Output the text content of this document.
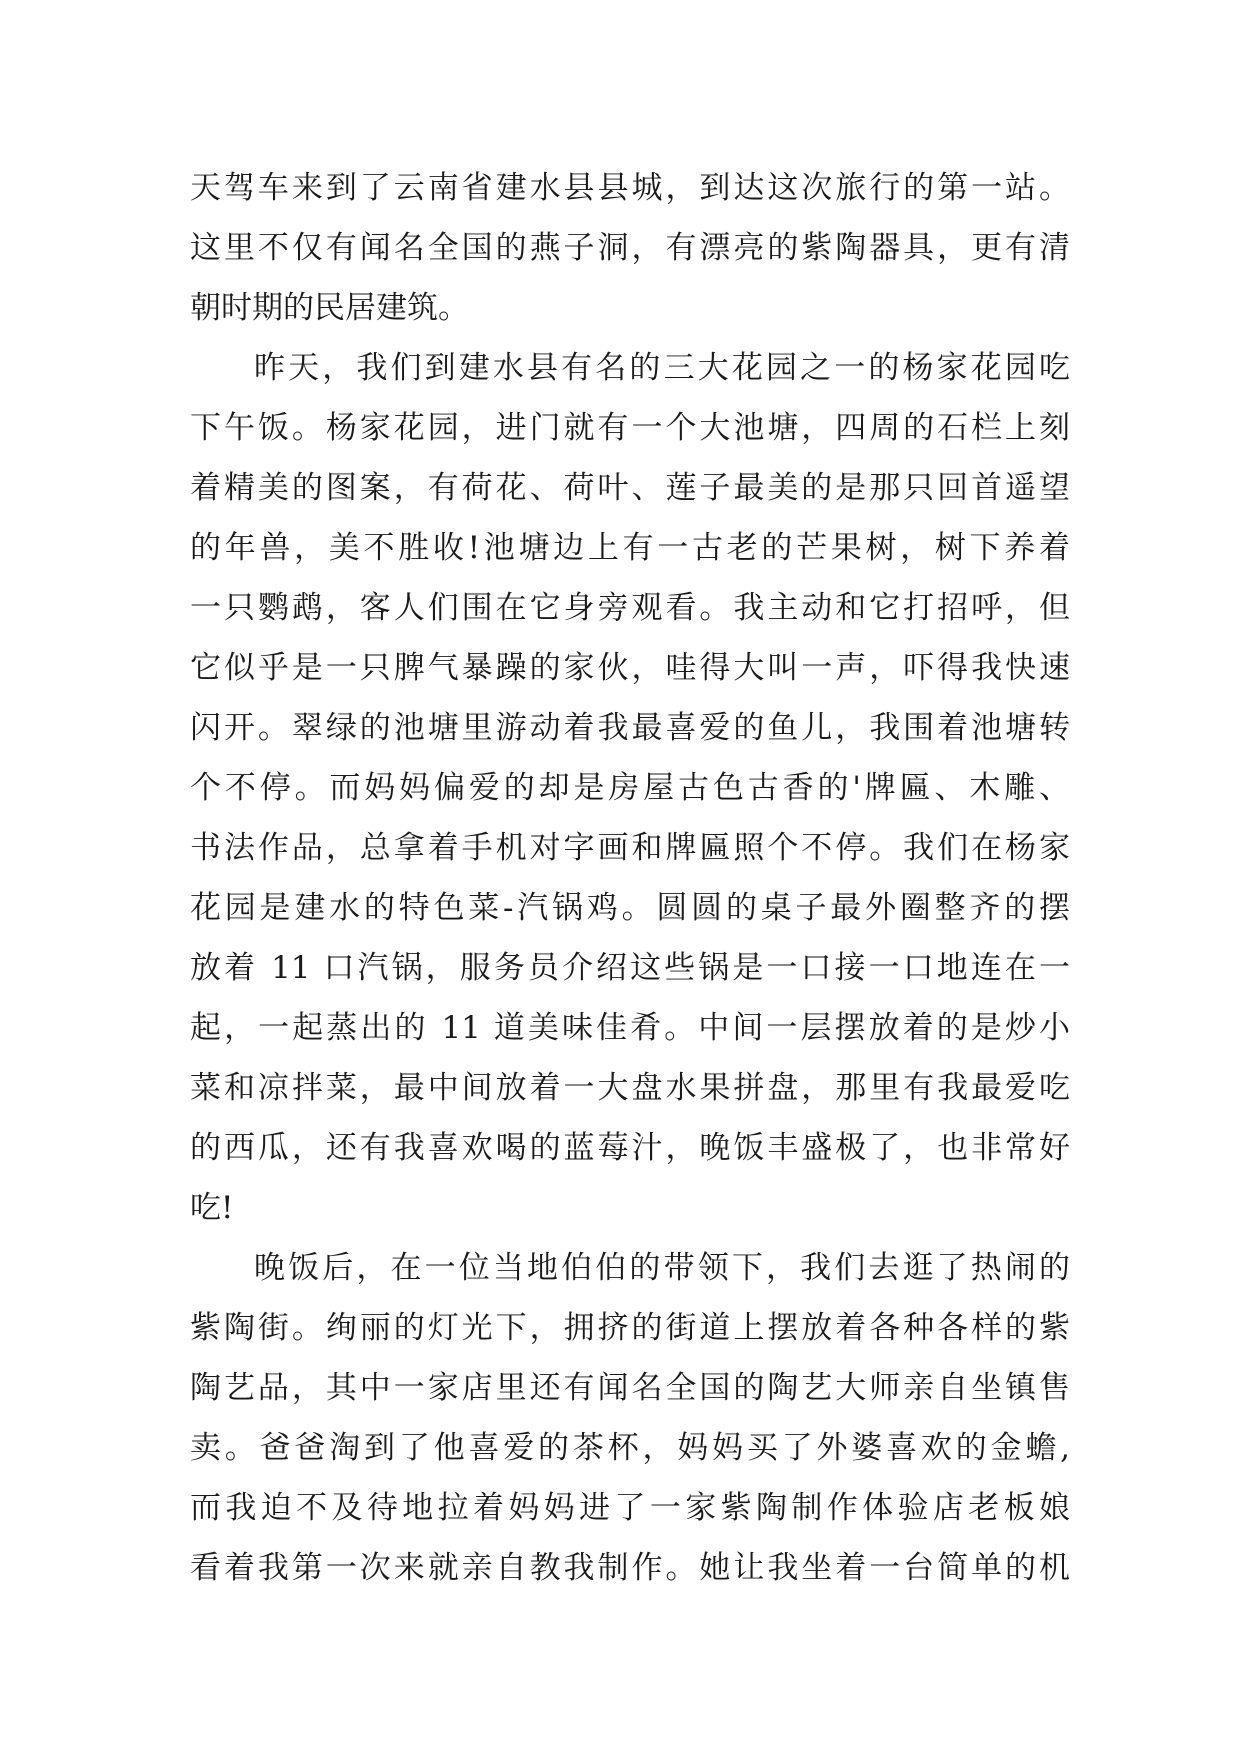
天驾车来到了云南省建水县县城，到达这次旅行的第一站。
这里不仅有闻名全国的燕子洞，有漂亮的紫陶器具，更有清
朝时期的民居建筑。
昨天，我们到建水县有名的三大花园之一的杨家花园吃
下午饭。杨家花园，进门就有一个大池塘，四周的石栏上刻
着精美的图案，有荷花、荷叶、莲子最美的是那只回首遥望
的年兽，美不胜收!池塘边上有一古老的芒果树，树下养着
一只鹦鹉，客人们围在它身旁观看。我主动和它打招呼，但
它似乎是一只脾气暴躁的家伙，哇得大叫一声，吓得我快速
闪开。翠绿的池塘里游动着我最喜爱的鱼儿，我围着池塘转
个不停。而妈妈偏爱的却是房屋古色古香的'牌匾、木雕、
书法作品，总拿着手机对字画和牌匾照个不停。我们在杨家
花园是建水的特色菜-汽锅鸡。圆圆的桌子最外圈整齐的摆
放着 11 口汽锅，服务员介绍这些锅是一口接一口地连在一
起，一起蒸出的 11 道美味佳肴。中间一层摆放着的是炒小
菜和凉拌菜，最中间放着一大盘水果拼盘，那里有我最爱吃
的西瓜，还有我喜欢喝的蓝莓汁，晚饭丰盛极了，也非常好
吃!
晚饭后，在一位当地伯伯的带领下，我们去逛了热闹的
紫陶街。绚丽的灯光下，拥挤的街道上摆放着各种各样的紫
陶艺品，其中一家店里还有闻名全国的陶艺大师亲自坐镇售
卖。爸爸淘到了他喜爱的茶杯，妈妈买了外婆喜欢的金蟾,
而我迫不及待地拉着妈妈进了一家紫陶制作体验店老板娘
看着我第一次来就亲自教我制作。她让我坐着一台简单的机
